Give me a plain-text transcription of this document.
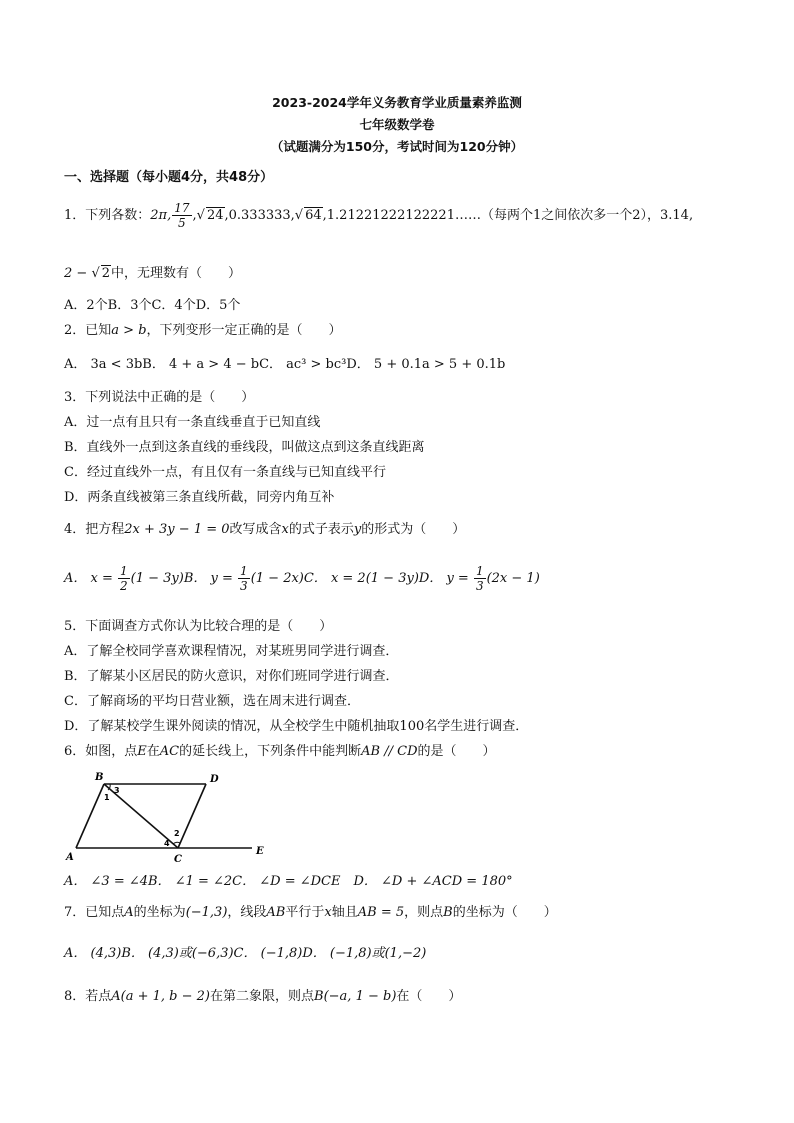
2023-2024学年义务教育学业质量素养监测
七年级数学卷
（试题满分为150分，考试时间为120分钟）
一、选择题（每小题4分，共48分）
1．下列各数：2π, $\frac{17}{5}$ ,√ 24,0.333333,√ 64,1.21221222122221……（每两个1之间依次多一个2），3.14,
2 − √ 2中，无理数有（　　）
A．2个B．3个C．4个D．5个
2．已知a > b，下列变形一定正确的是（　　）
A． 3a < 3bB． 4 + a > 4 − bC． ac³ > bc³D． 5 + 0.1a > 5 + 0.1b
3．下列说法中正确的是（　　）
A．过一点有且只有一条直线垂直于已知直线
B．直线外一点到这条直线的垂线段，叫做这点到这条直线距离
C．经过直线外一点，有且仅有一条直线与已知直线平行
D．两条直线被第三条直线所截，同旁内角互补
4．把方程2x + 3y − 1 = 0改写成含x的式子表示y的形式为（　　）
A． $x = \frac{1}{2} (1 - 3y)B$． $y = \frac{1}{3} (1 - 2x)C$． x = 2(1 − 3y)D． $y = \frac{1}{3} (2x - 1)$
5．下面调查方式你认为比较合理的是（　　）
A．了解全校同学喜欢课程情况，对某班男同学进行调查．
B．了解某小区居民的防火意识，对你们班同学进行调查．
C．了解商场的平均日营业额，选在周末进行调查．
D．了解某校学生课外阅读的情况，从全校学生中随机抽取100名学生进行调查．
6．如图，点E在AC的延长线上，下列条件中能判断AB // CD的是（　　）
A
B
C
D
E
1
3
2
4
A． ∠3 = ∠4B． ∠1 = ∠2C． ∠D = ∠DCE　D． ∠D + ∠ACD = 180°
7．已知点A的坐标为(−1,3)，线段AB平行于x轴且AB = 5，则点B的坐标为（　　）
A． (4,3)B． (4,3)或(−6,3)C． (−1,8)D． (−1,8)或(1,−2)
8．若点A(a + 1, b − 2)在第二象限，则点B(−a, 1 − b)在（　　）
